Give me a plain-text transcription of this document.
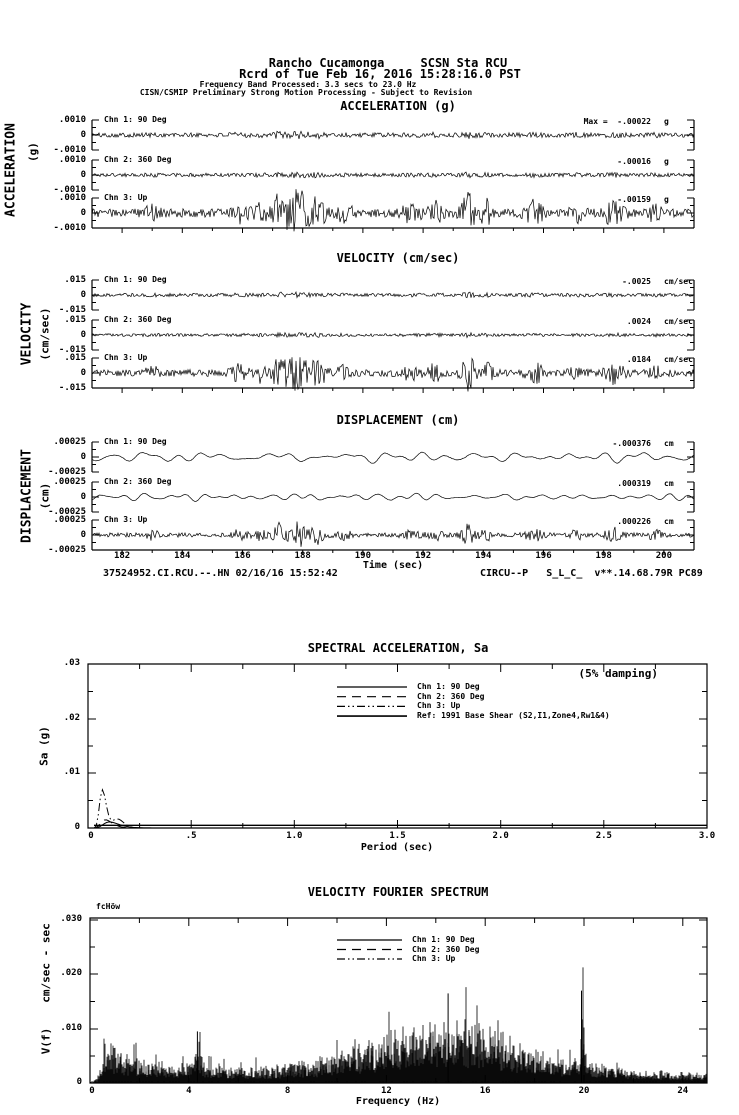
Rancho Cucamonga     SCSN Sta RCU
Rcrd of Tue Feb 16, 2016 15:28:16.0 PST
Frequency Band Processed: 3.3 secs to 23.0 Hz
CISN/CSMIP Preliminary Strong Motion Processing - Subject to Revision
Time (sec)
37524952.CI.RCU.--.HN 02/16/16 15:52:42	CIRCU--P   S_L_C_  v**.14.68.79R PC89
SPECTRAL ACCELERATION, Sa
(5% damping)
Sa (g)
Period (sec)
VELOCITY FOURIER SPECTRUM
fcHöw
cm/sec - sec
V(f)
Frequency (Hz)
ACCELERATION (g)
ACCELERATION (g)
Chn 1: 90 Deg
.0010
0
-.0010
Max =  -.00022 g
Chn 2: 360 Deg
.0010
0
-.0010
-.00016 g
Chn 3: Up
.0010
0
-.0010
-.00159 g
VELOCITY (cm/sec)
VELOCITY (cm/sec)
Chn 1: 90 Deg
.015
0
-.015
-.0025 cm/sec
Chn 2: 360 Deg
.015
0
-.015
.0024 cm/sec
Chn 3: Up
.015
0
-.015
.0184 cm/sec
DISPLACEMENT (cm)
DISPLACEMENT (cm)
Chn 1: 90 Deg
.00025
0
-.00025
-.000376 cm
Chn 2: 360 Deg
.00025
0
-.00025
.000319 cm
Chn 3: Up
.00025
0
-.00025
.000226 cm
182	184	186	188	190	192	194	196	198	200
0	.5	1.0	1.5	2.0	2.5	3.0
.03
.02
.01
0
Chn 1: 90 Deg
Chn 2: 360 Deg
Chn 3: Up
Ref: 1991 Base Shear (S2,I1,Zone4,Rw1&4)
.030
.020
.010
0
0	4	8	12	16	20	24
Chn 1: 90 Deg
Chn 2: 360 Deg
Chn 3: Up
